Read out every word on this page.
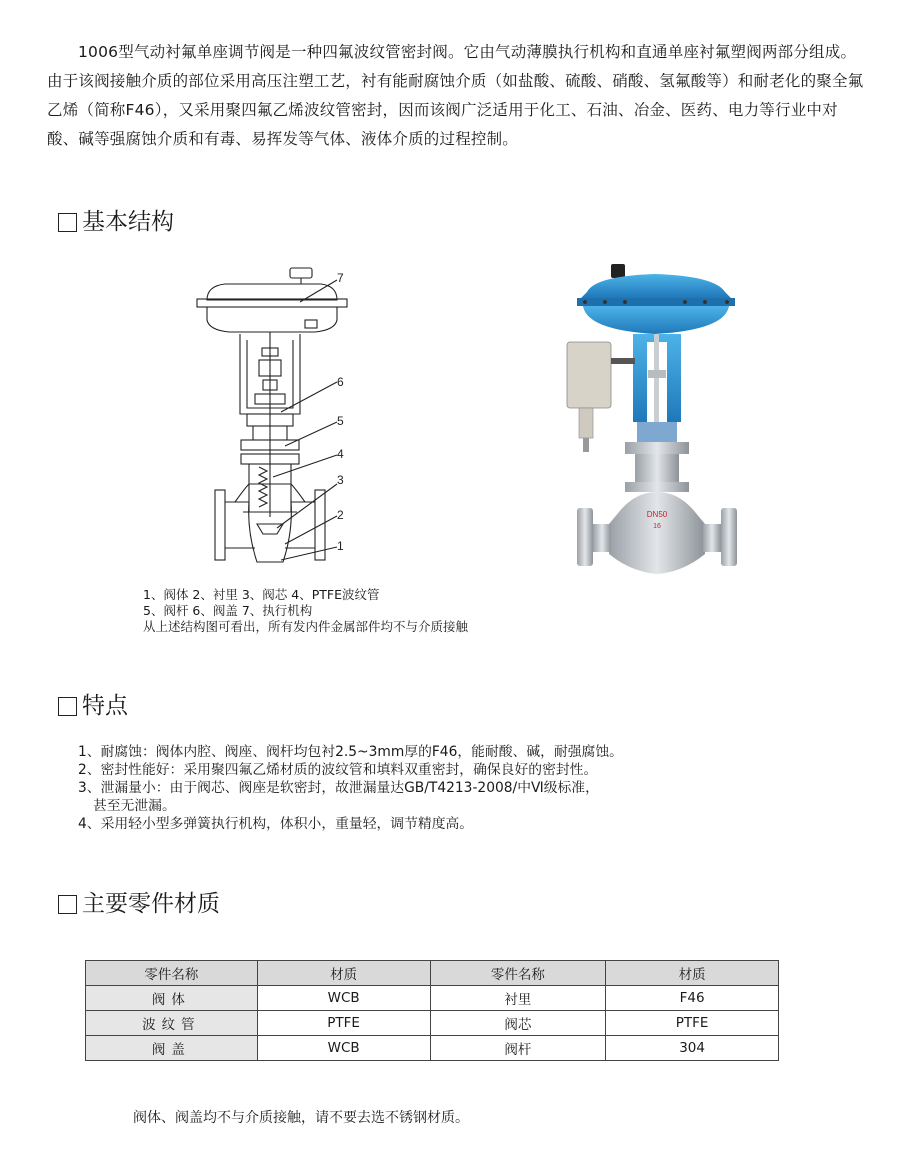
1006型气动衬氟单座调节阀是一种四氟波纹管密封阀。它由气动薄膜执行机构和直通单座衬氟塑阀两部分组成。由于该阀接触介质的部位采用高压注塑工艺，衬有能耐腐蚀介质（如盐酸、硫酸、硝酸、氢氟酸等）和耐老化的聚全氟乙烯（简称F46），又采用聚四氟乙烯波纹管密封，因而该阀广泛适用于化工、石油、冶金、医药、电力等行业中对酸、碱等强腐蚀介质和有毒、易挥发等气体、液体介质的过程控制。

基本结构
7
6
5
4
3
2
1
DN50
16
1、阀体 2、衬里 3、阀芯 4、PTFE波纹管
5、阀杆 6、阀盖 7、执行机构
从上述结构图可看出，所有发内件金属部件均不与介质接触
特点
1、耐腐蚀：阀体内腔、阀座、阀杆均包衬2.5~3mm厚的F46，能耐酸、碱，耐强腐蚀。
2、密封性能好：采用聚四氟乙烯材质的波纹管和填料双重密封，确保良好的密封性。
3、泄漏量小：由于阀芯、阀座是软密封，故泄漏量达GB/T4213-2008/中Ⅵ级标准，
甚至无泄漏。
4、采用轻小型多弹簧执行机构，体积小，重量轻，调节精度高。
主要零件材质
零件名称	材质	零件名称	材质
阀体	WCB	衬里	F46
波纹管	PTFE	阀芯	PTFE
阀盖	WCB	阀杆	304

阀体、阀盖均不与介质接触，请不要去选不锈钢材质。
